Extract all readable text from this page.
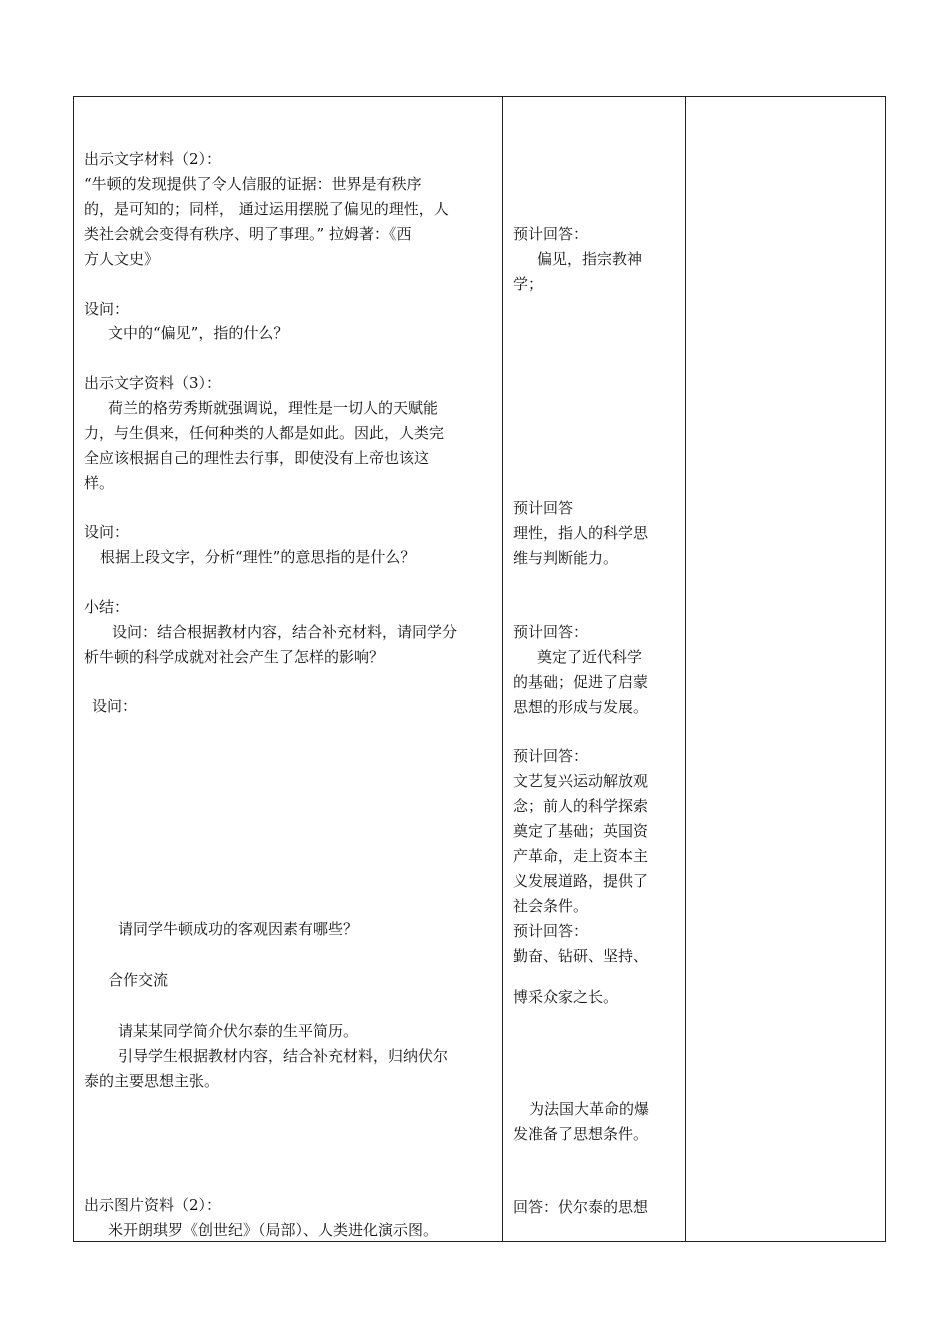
出示文字材料（2）：
“牛顿的发现提供了令人信服的证据：世界是有秩序
的，是可知的；同样， 通过运用摆脱了偏见的理性，人
类社会就会变得有秩序、明了事理。” 拉姆著：《西
方人文史》
设问：
文中的“偏见”，指的什么？
出示文字资料（3）：
荷兰的格劳秀斯就强调说，理性是一切人的天赋能
力，与生俱来，任何种类的人都是如此。因此，人类完
全应该根据自己的理性去行事，即使没有上帝也该这
样。
设问：
根据上段文字，分析“理性”的意思指的是什么？
小结：
设问：结合根据教材内容，结合补充材料，请同学分
析牛顿的科学成就对社会产生了怎样的影响？
设问：
请同学牛顿成功的客观因素有哪些？
合作交流
请某某同学简介伏尔泰的生平简历。
引导学生根据教材内容，结合补充材料，归纳伏尔
泰的主要思想主张。
出示图片资料（2）：
米开朗琪罗《创世纪》（局部）、人类进化演示图。
预计回答：
偏见，指宗教神
学；
预计回答
理性，指人的科学思
维与判断能力。
预计回答：
奠定了近代科学
的基础；促进了启蒙
思想的形成与发展。
预计回答：
文艺复兴运动解放观
念；前人的科学探索
奠定了基础；英国资
产革命，走上资本主
义发展道路，提供了
社会条件。
预计回答：
勤奋、钻研、坚持、
博采众家之长。
为法国大革命的爆
发准备了思想条件。
回答：伏尔泰的思想
